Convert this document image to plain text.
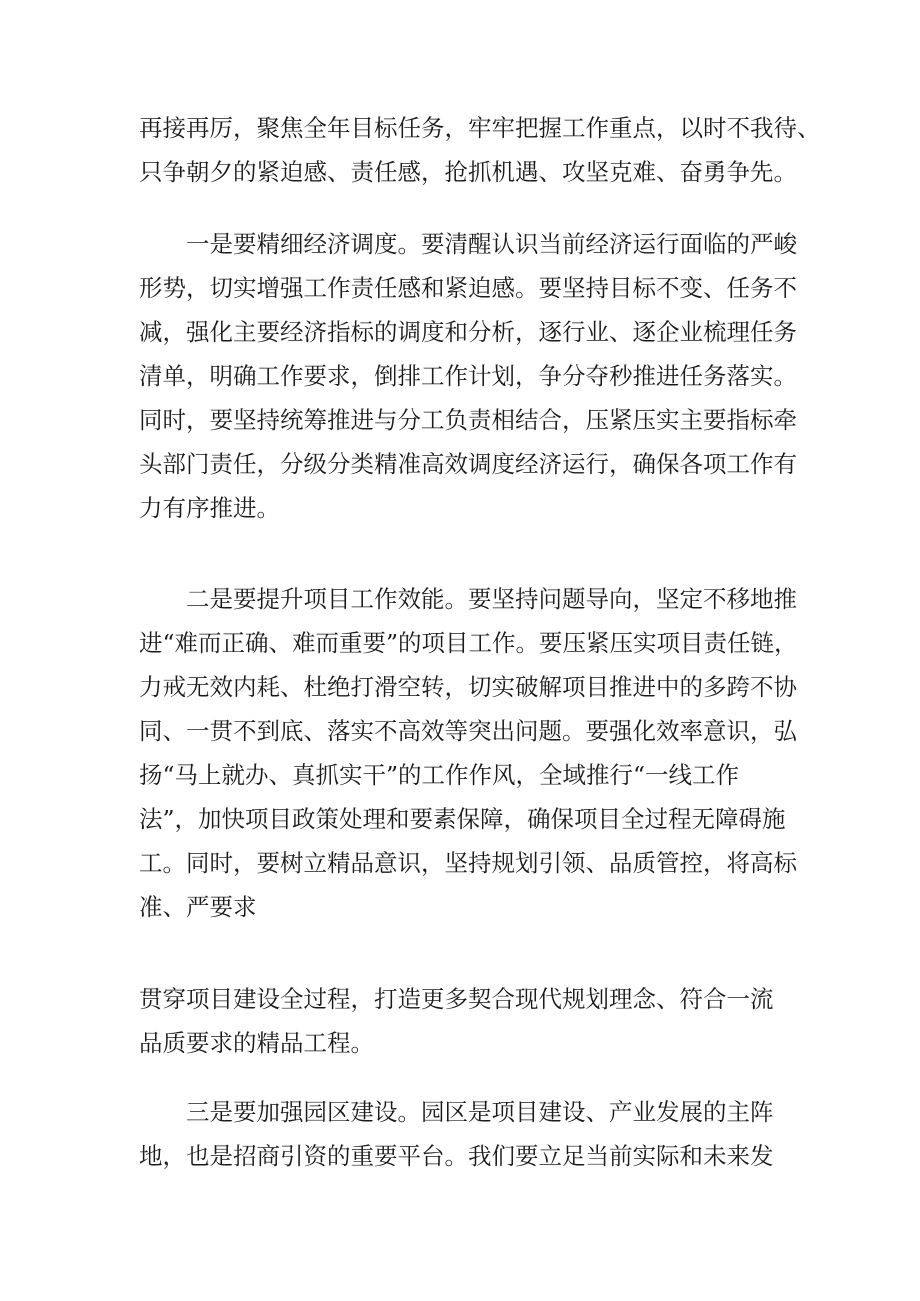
再接再厉，聚焦全年目标任务，牢牢把握工作重点，以时不我待、
只争朝夕的紧迫感、责任感，抢抓机遇、攻坚克难、奋勇争先。
一是要精细经济调度。要清醒认识当前经济运行面临的严峻
形势，切实增强工作责任感和紧迫感。要坚持目标不变、任务不
减，强化主要经济指标的调度和分析，逐行业、逐企业梳理任务
清单，明确工作要求，倒排工作计划，争分夺秒推进任务落实。
同时，要坚持统筹推进与分工负责相结合，压紧压实主要指标牵
头部门责任，分级分类精准高效调度经济运行，确保各项工作有
力有序推进。
二是要提升项目工作效能。要坚持问题导向，坚定不移地推
进“难而正确、难而重要”的项目工作。要压紧压实项目责任链，
力戒无效内耗、杜绝打滑空转，切实破解项目推进中的多跨不协
同、一贯不到底、落实不高效等突出问题。要强化效率意识，弘
扬“马上就办、真抓实干”的工作作风，全域推行“一线工作
法”，加快项目政策处理和要素保障，确保项目全过程无障碍施
工。同时，要树立精品意识，坚持规划引领、品质管控，将高标
准、严要求
贯穿项目建设全过程，打造更多契合现代规划理念、符合一流
品质要求的精品工程。
三是要加强园区建设。园区是项目建设、产业发展的主阵
地，也是招商引资的重要平台。我们要立足当前实际和未来发
